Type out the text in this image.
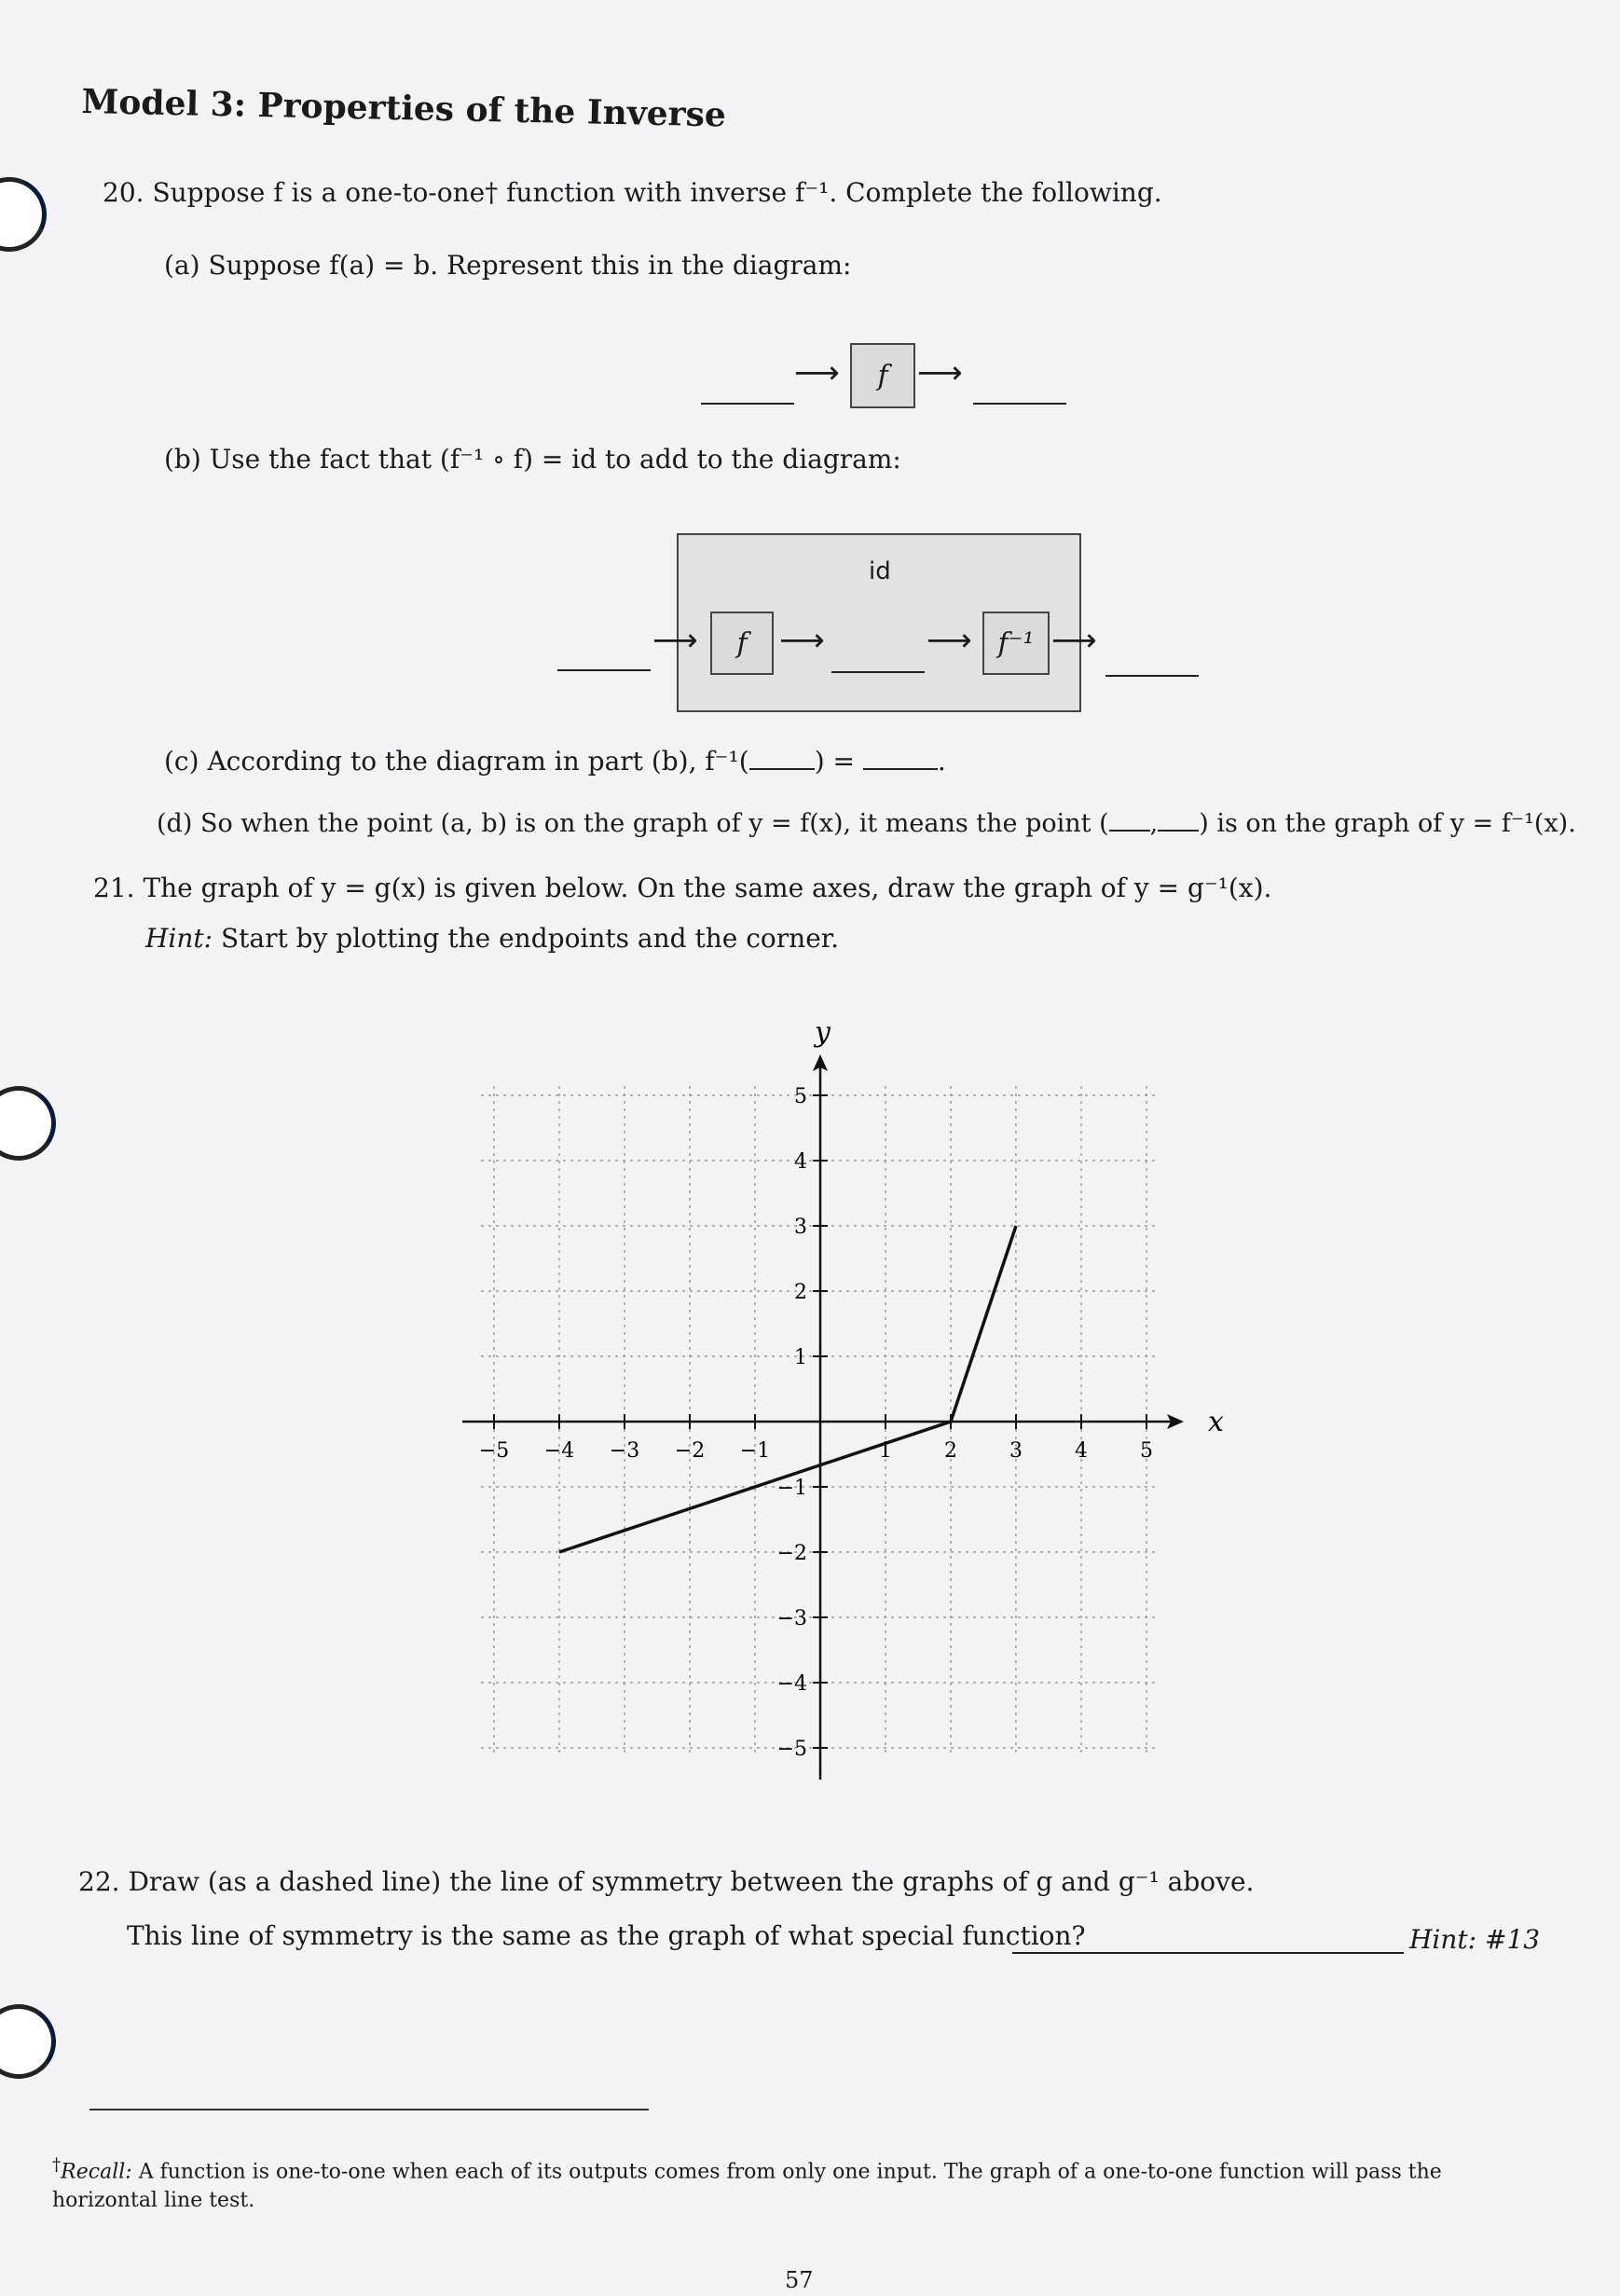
Model 3: Properties of the Inverse
20. Suppose f is a one-to-one† function with inverse f⁻¹. Complete the following.
(a) Suppose f(a) = b. Represent this in the diagram:
⟶	f ⟶
(b) Use the fact that (f⁻¹ ∘ f) = id to add to the diagram:
id
⟶	f	⟶	⟶ f⁻¹ ⟶
(c) According to the diagram in part (b), f⁻¹(	) =	.
(d) So when the point (a, b) is on the graph of y = f(x), it means the point ( , ) is on the graph of y = f⁻¹(x).
21. The graph of y = g(x) is given below. On the same axes, draw the graph of y = g⁻¹(x).
Hint: Start by plotting the endpoints and the corner.
x
y
−5 −4 −3 −2 −1	1	2	3	4	5
5
4
3
2
1
−1
−2
−3
−4
−5
22. Draw (as a dashed line) the line of symmetry between the graphs of g and g⁻¹ above.
This line of symmetry is the same as the graph of what special function?	Hint: #13
†Recall: A function is one-to-one when each of its outputs comes from only one input. The graph of a one-to-one function will pass the horizontal line test.
57
